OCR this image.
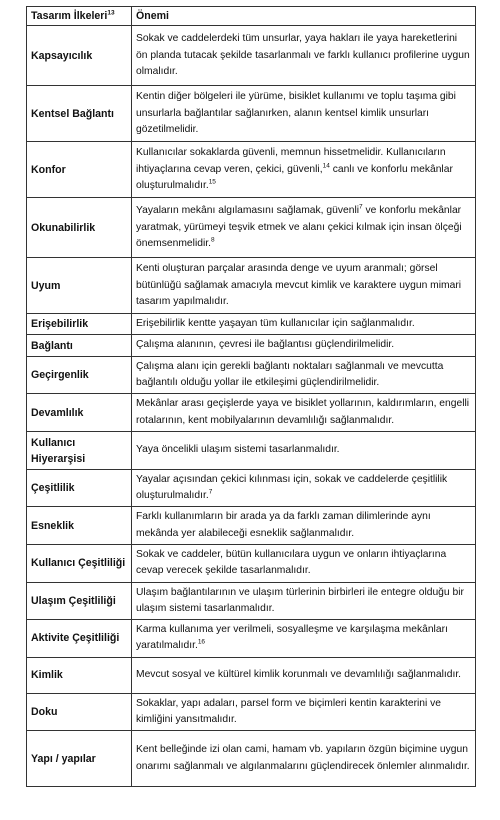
Tasarım İlkeleri$^{13}$	Önemi
Kapsayıcılık	Sokak ve caddelerdeki tüm unsurlar, yaya hakları ile yaya hareketlerini ön planda tutacak şekilde tasarlanmalı ve farklı kullanıcı profilerine uygun olmalıdır.
Kentsel Bağlantı	Kentin diğer bölgeleri ile yürüme, bisiklet kullanımı ve toplu taşıma gibi unsurlarla bağlantılar sağlanırken, alanın kentsel kimlik unsurları gözetilmelidir.
Konfor	Kullanıcılar sokaklarda güvenli, memnun hissetmelidir. Kullanıcıların ihtiyaçlarına cevap veren, çekici, güvenli,$^{14}$ canlı ve konforlu mekânlar oluşturulmalıdır.$^{15}$
Okunabilirlik	Yayaların mekânı algılamasını sağlamak, güvenli$^7$ ve konforlu mekânlar yaratmak, yürümeyi teşvik etmek ve alanı çekici kılmak için insan ölçeği önemsenmelidir.$^8$
Uyum	Kenti oluşturan parçalar arasında denge ve uyum aranmalı; görsel bütünlüğü sağlamak amacıyla mevcut kimlik ve karaktere uygun mimari tasarım yapılmalıdır.
Erişebilirlik	Erişebilirlik kentte yaşayan tüm kullanıcılar için sağlanmalıdır.
Bağlantı	Çalışma alanının, çevresi ile bağlantısı güçlendirilmelidir.
Geçirgenlik	Çalışma alanı için gerekli bağlantı noktaları sağlanmalı ve mevcutta bağlantılı olduğu yollar ile etkileşimi güçlendirilmelidir.
Devamlılık	Mekânlar arası geçişlerde yaya ve bisiklet yollarının, kaldırımların, engelli rotalarının, kent mobilyalarının devamlılığı sağlanmalıdır.
Kullanıcı Hiyerarşisi	Yaya öncelikli ulaşım sistemi tasarlanmalıdır.
Çeşitlilik	Yayalar açısından çekici kılınması için, sokak ve caddelerde çeşitlilik oluşturulmalıdır.$^7$
Esneklik	Farklı kullanımların bir arada ya da farklı zaman dilimlerinde aynı mekânda yer alabileceği esneklik sağlanmalıdır.
Kullanıcı Çeşitliliği	Sokak ve caddeler, bütün kullanıcılara uygun ve onların ihtiyaçlarına cevap verecek şekilde tasarlanmalıdır.
Ulaşım Çeşitliliği	Ulaşım bağlantılarının ve ulaşım türlerinin birbirleri ile entegre olduğu bir ulaşım sistemi tasarlanmalıdır.
Aktivite Çeşitliliği	Karma kullanıma yer verilmeli, sosyalleşme ve karşılaşma mekânları yaratılmalıdır.$^{16}$
Kimlik	Mevcut sosyal ve kültürel kimlik korunmalı ve devamlılığı sağlanmalıdır.
Doku	Sokaklar, yapı adaları, parsel form ve biçimleri kentin karakterini ve kimliğini yansıtmalıdır.
Yapı / yapılar	Kent belleğinde izi olan cami, hamam vb. yapıların özgün biçimine uygun onarımı sağlanmalı ve algılanmalarını güçlendirecek önlemler alınmalıdır.
